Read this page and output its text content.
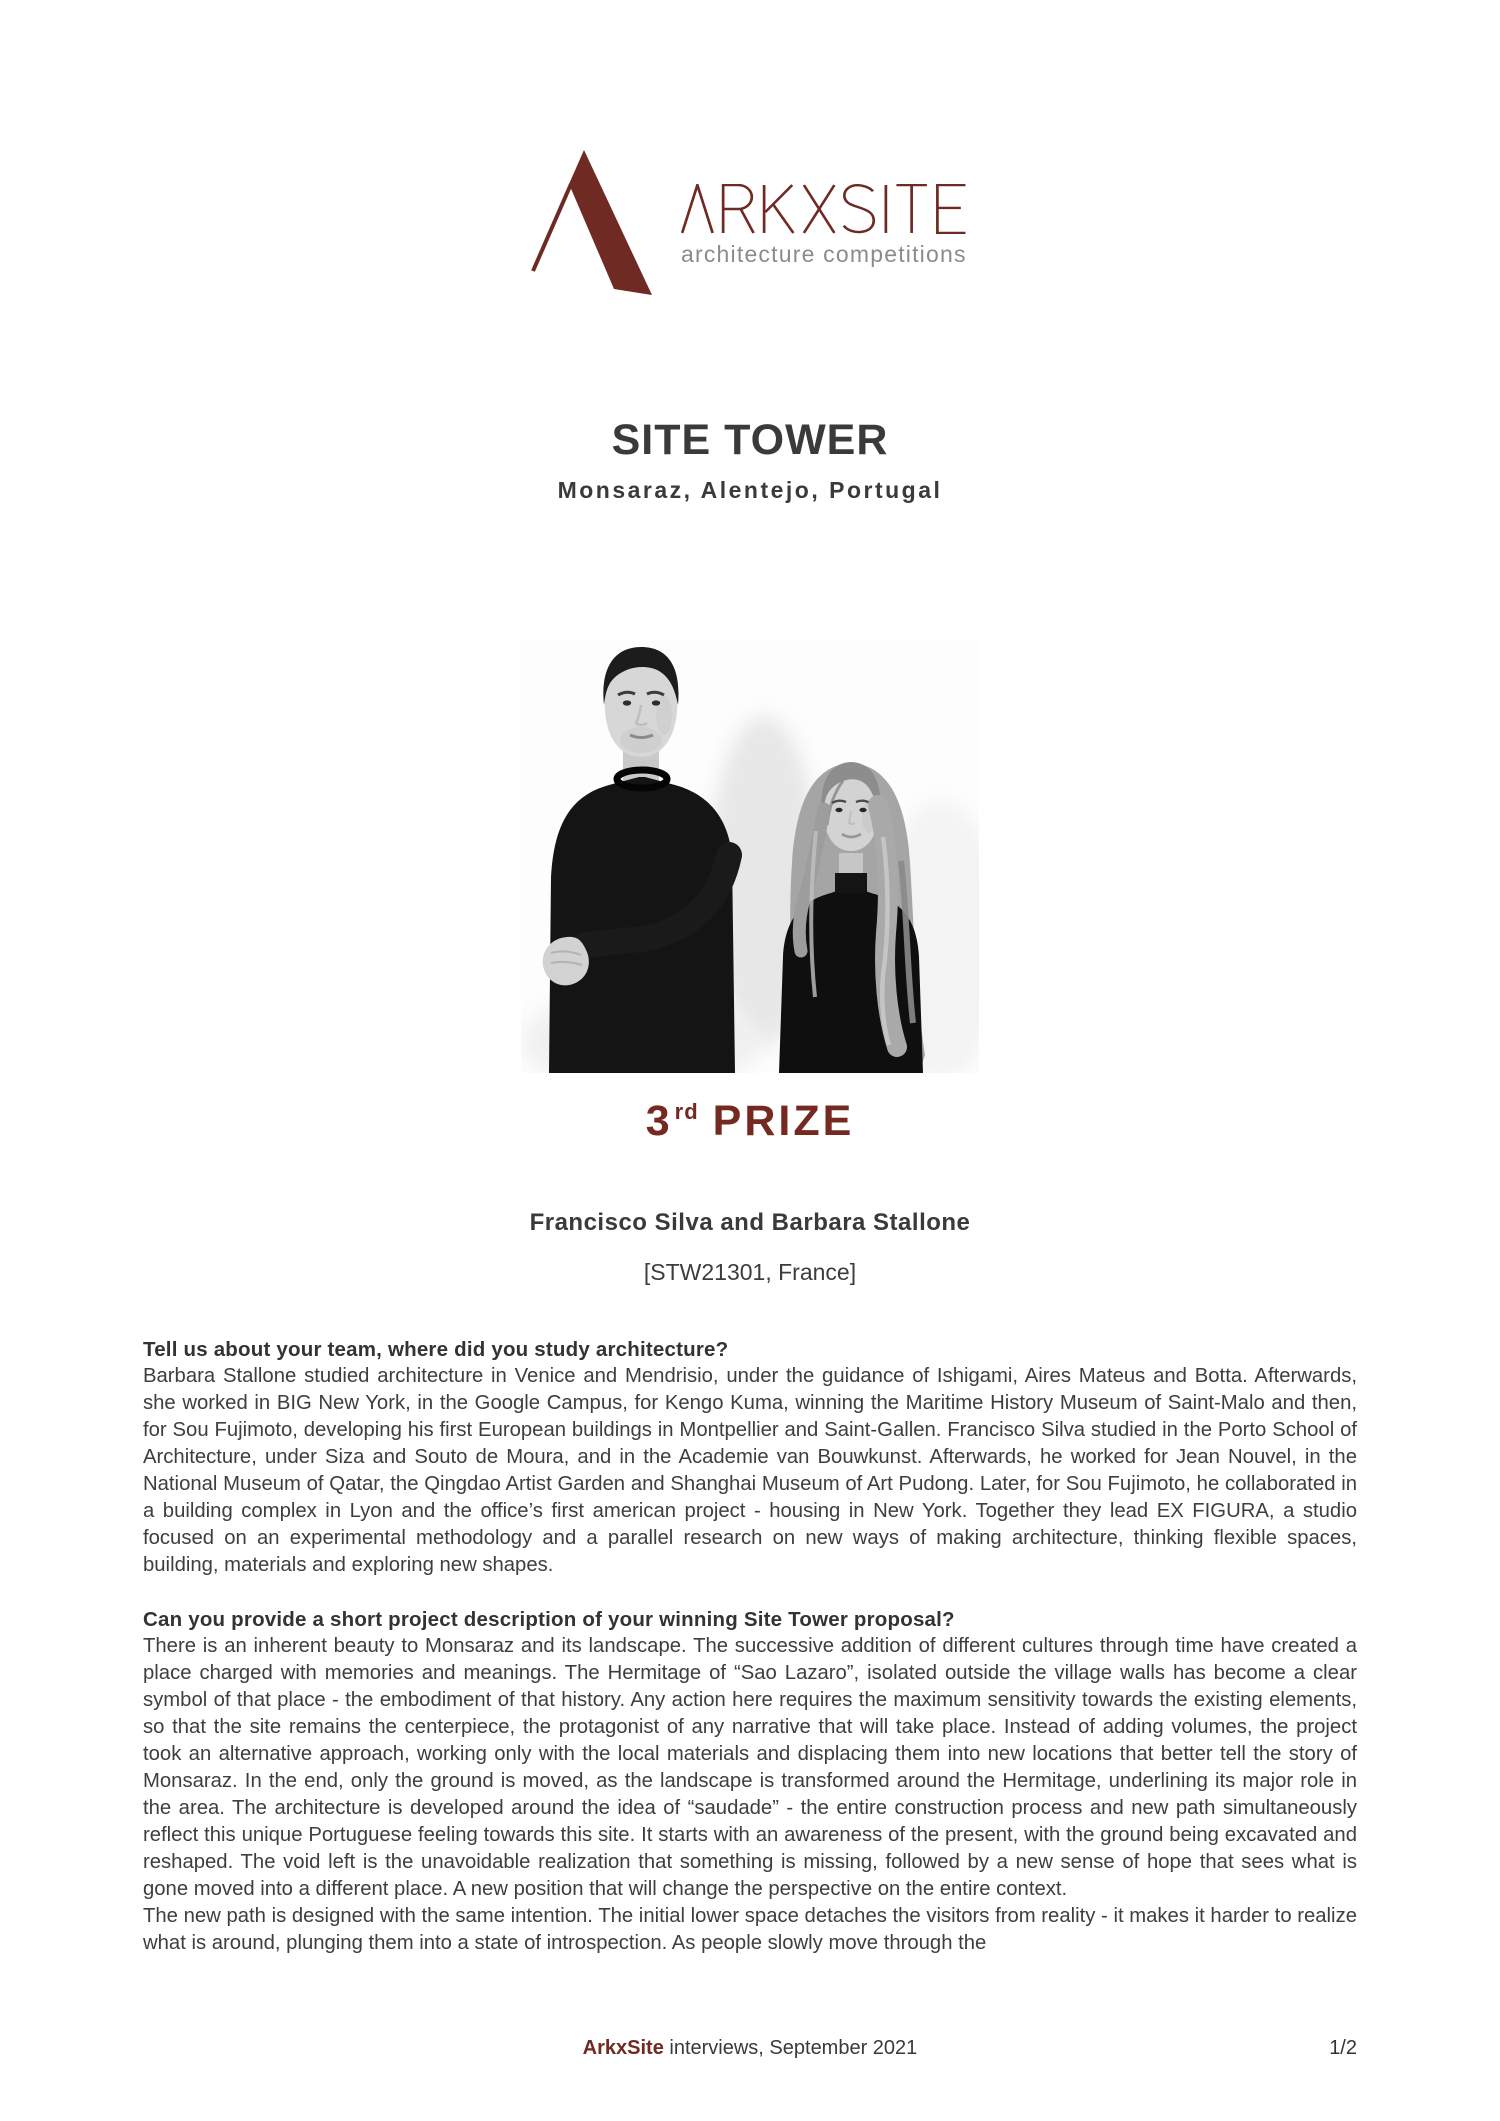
architecture competitions
SITE TOWER
Monsaraz, Alentejo, Portugal
3rd PRIZE
Francisco Silva and Barbara Stallone
[STW21301, France]
Tell us about your team, where did you study architecture?

Barbara Stallone studied architecture in Venice and Mendrisio, under the guidance of Ishigami, Aires Mateus and Botta. Afterwards, she worked in BIG New York, in the Google Campus, for Kengo Kuma, winning the Maritime History Museum of Saint-Malo and then, for Sou Fujimoto, developing his first European buildings in Montpellier and Saint-Gallen. Francisco Silva studied in the Porto School of Architecture, under Siza and Souto de Moura, and in the Academie van Bouwkunst. Afterwards, he worked for Jean Nouvel, in the National Museum of Qatar, the Qingdao Artist Garden and Shanghai Museum of Art Pudong. Later, for Sou Fujimoto, he collaborated in a building complex in Lyon and the office’s first american project - housing in New York. Together they lead EX FIGURA, a studio focused on an experimental methodology and a parallel research on new ways of making architecture, thinking flexible spaces, building, materials and exploring new shapes.

Can you provide a short project description of your winning Site Tower proposal?

There is an inherent beauty to Monsaraz and its landscape. The successive addition of different cultures through time have created a place charged with memories and meanings. The Hermitage of “Sao Lazaro”, isolated outside the village walls has become a clear symbol of that place - the embodiment of that history. Any action here requires the maximum sensitivity towards the existing elements, so that the site remains the centerpiece, the protagonist of any narrative that will take place. Instead of adding volumes, the project took an alternative approach, working only with the local materials and displacing them into new locations that better tell the story of Monsaraz. In the end, only the ground is moved, as the landscape is transformed around the Hermitage, underlining its major role in the area. The architecture is developed around the idea of “saudade” - the entire construction process and new path simultaneously reflect this unique Portuguese feeling towards this site. It starts with an awareness of the present, with the ground being excavated and reshaped. The void left is the unavoidable realization that something is missing, followed by a new sense of hope that sees what is gone moved into a different place. A new position that will change the perspective on the entire context.

The new path is designed with the same intention. The initial lower space detaches the visitors from reality - it makes it harder to realize what is around, plunging them into a state of introspection. As people slowly move through the

ArkxSite interviews, September 2021	1/2
